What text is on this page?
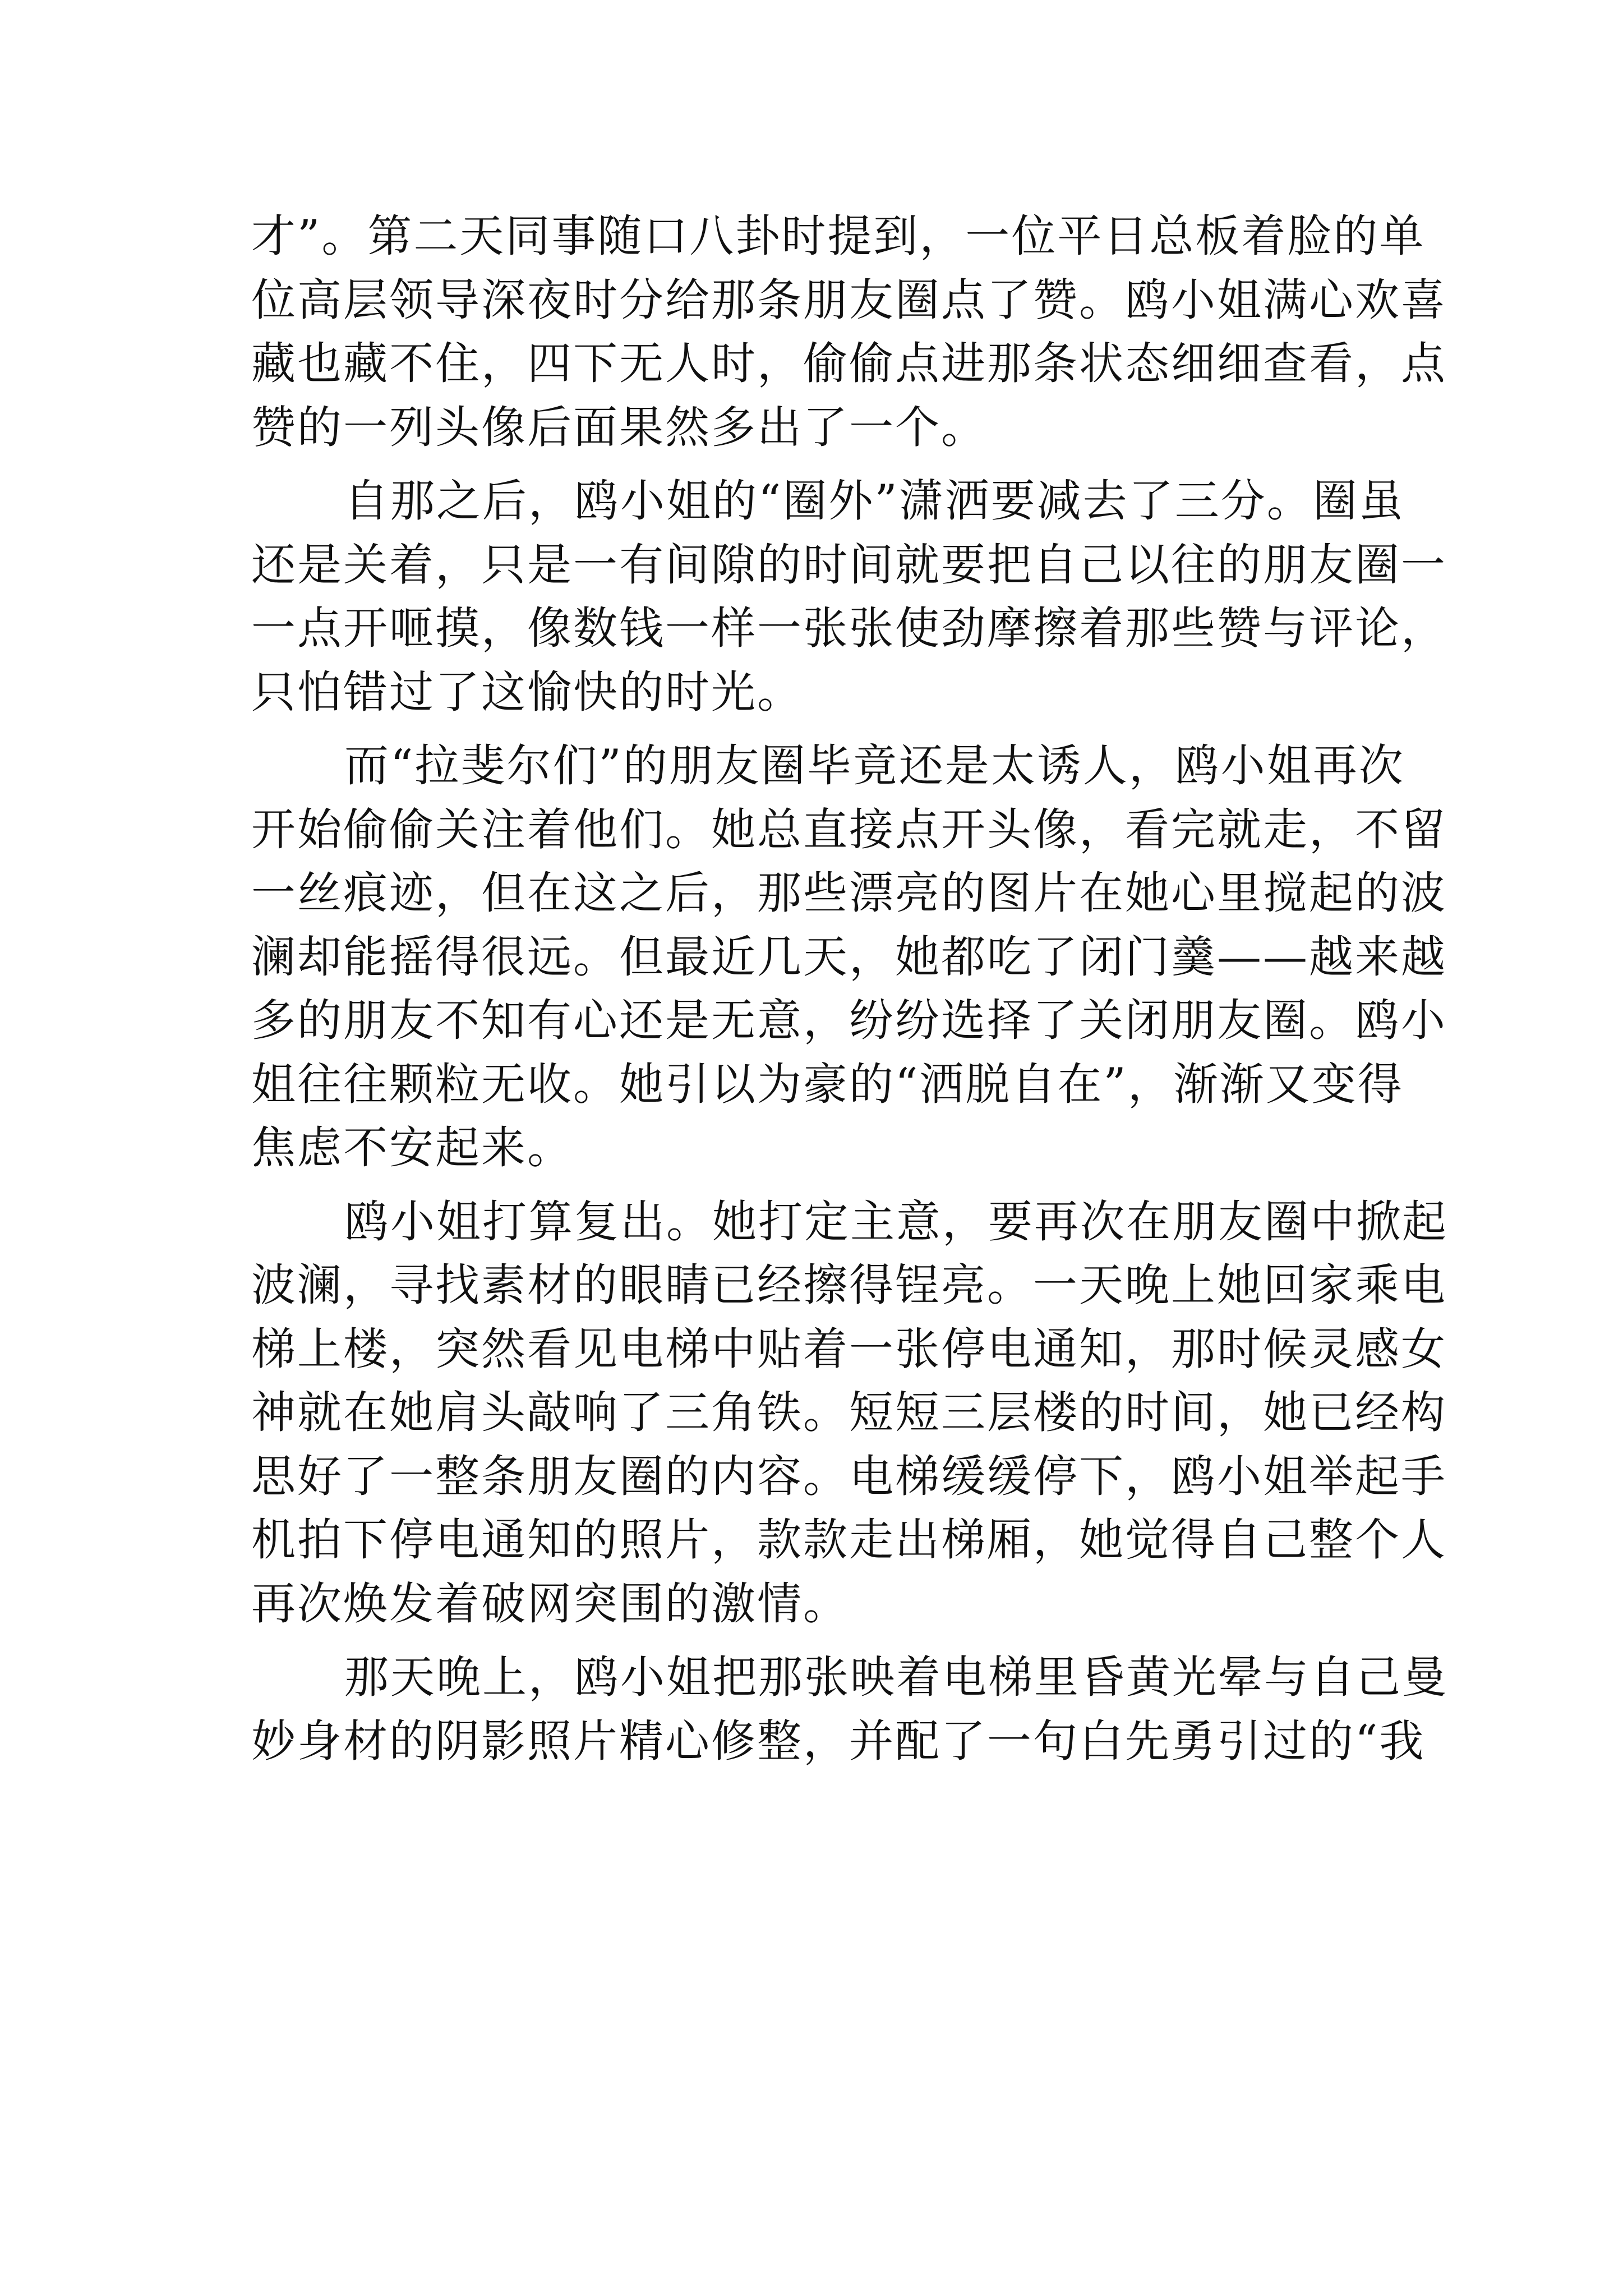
才”。第二天同事随口八卦时提到，一位平日总板着脸的单
位高层领导深夜时分给那条朋友圈点了赞。鸥小姐满心欢喜
藏也藏不住，四下无人时，偷偷点进那条状态细细查看，点
赞的一列头像后面果然多出了一个。
自那之后，鸥小姐的“圈外”潇洒要减去了三分。圈虽
还是关着，只是一有间隙的时间就要把自己以往的朋友圈一
一点开咂摸，像数钱一样一张张使劲摩擦着那些赞与评论，
只怕错过了这愉快的时光。
而“拉斐尔们”的朋友圈毕竟还是太诱人，鸥小姐再次
开始偷偷关注着他们。她总直接点开头像，看完就走，不留
一丝痕迹，但在这之后，那些漂亮的图片在她心里搅起的波
澜却能摇得很远。但最近几天，她都吃了闭门羹——越来越
多的朋友不知有心还是无意，纷纷选择了关闭朋友圈。鸥小
姐往往颗粒无收。她引以为豪的“洒脱自在”，渐渐又变得
焦虑不安起来。
鸥小姐打算复出。她打定主意，要再次在朋友圈中掀起
波澜，寻找素材的眼睛已经擦得锃亮。一天晚上她回家乘电
梯上楼，突然看见电梯中贴着一张停电通知，那时候灵感女
神就在她肩头敲响了三角铁。短短三层楼的时间，她已经构
思好了一整条朋友圈的内容。电梯缓缓停下，鸥小姐举起手
机拍下停电通知的照片，款款走出梯厢，她觉得自己整个人
再次焕发着破网突围的激情。
那天晚上，鸥小姐把那张映着电梯里昏黄光晕与自己曼
妙身材的阴影照片精心修整，并配了一句白先勇引过的“我
